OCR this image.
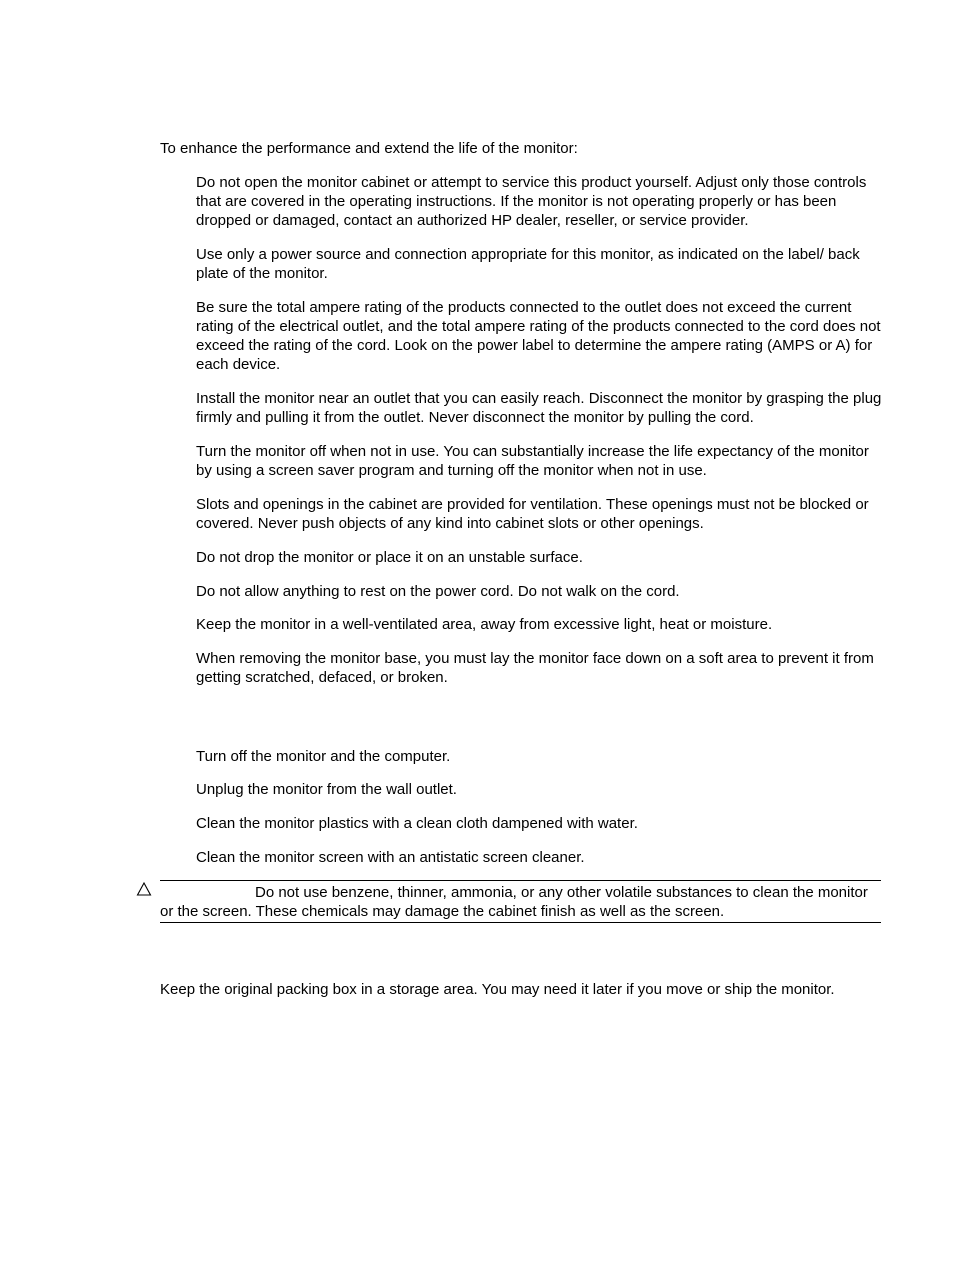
To enhance the performance and extend the life of the monitor:

Do not open the monitor cabinet or attempt to service this product yourself. Adjust only those controls that are covered in the operating instructions. If the monitor is not operating properly or has been dropped or damaged, contact an authorized HP dealer, reseller, or service provider.

Use only a power source and connection appropriate for this monitor, as indicated on the label/ back plate of the monitor.

Be sure the total ampere rating of the products connected to the outlet does not exceed the current rating of the electrical outlet, and the total ampere rating of the products connected to the cord does not exceed the rating of the cord. Look on the power label to determine the ampere rating (AMPS or A) for each device.

Install the monitor near an outlet that you can easily reach. Disconnect the monitor by grasping the plug firmly and pulling it from the outlet. Never disconnect the monitor by pulling the cord.

Turn the monitor off when not in use. You can substantially increase the life expectancy of the monitor by using a screen saver program and turning off the monitor when not in use.

Slots and openings in the cabinet are provided for ventilation. These openings must not be blocked or covered. Never push objects of any kind into cabinet slots or other openings.

Do not drop the monitor or place it on an unstable surface.

Do not allow anything to rest on the power cord. Do not walk on the cord.

Keep the monitor in a well-ventilated area, away from excessive light, heat or moisture.

When removing the monitor base, you must lay the monitor face down on a soft area to prevent it from getting scratched, defaced, or broken.

Turn off the monitor and the computer.

Unplug the monitor from the wall outlet.

Clean the monitor plastics with a clean cloth dampened with water.

Clean the monitor screen with an antistatic screen cleaner.

Do not use benzene, thinner, ammonia, or any other volatile substances to clean the monitor or the screen. These chemicals may damage the cabinet finish as well as the screen.

Keep the original packing box in a storage area. You may need it later if you move or ship the monitor.
